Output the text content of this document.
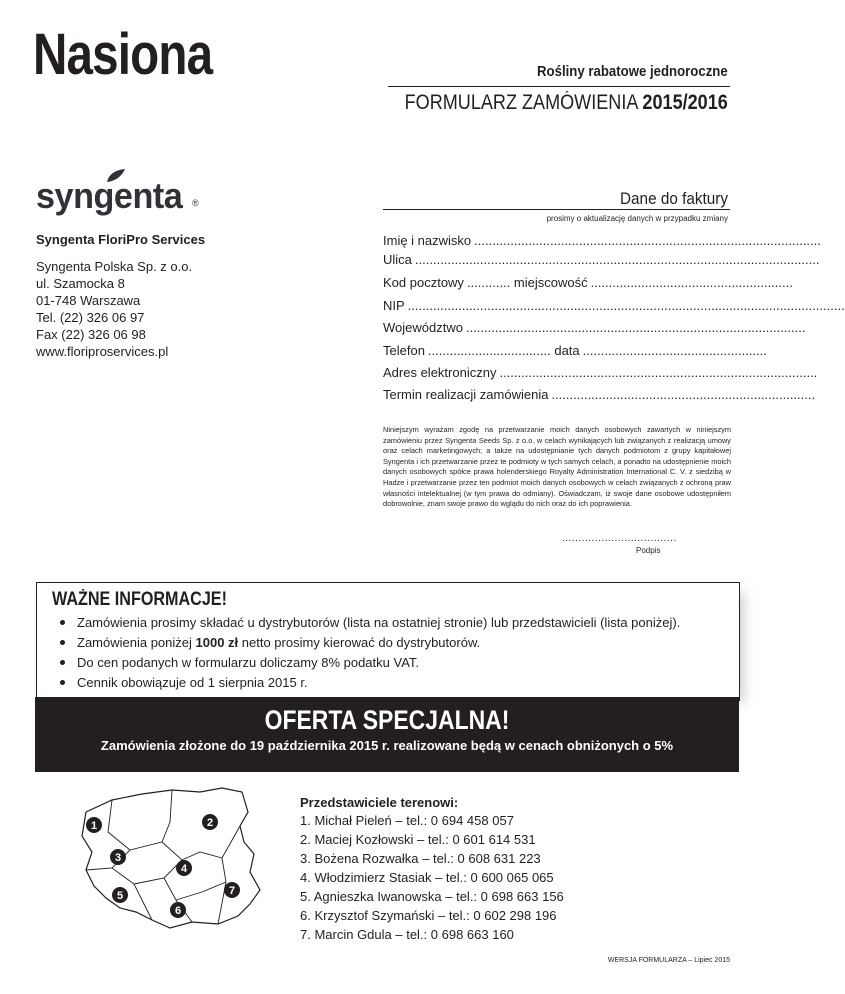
Nasiona	Rośliny rabatowe jednoroczne
FORMULARZ ZAMÓWIENIA 2015/2016
syngenta ®
Syngenta FloriPro Services
Syngenta Polska Sp. z o.o.
ul. Szamocka 8
01-748 Warszawa
Tel. (22) 326 06 97
Fax (22) 326 06 98
www.floriproservices.pl
Dane do faktury
prosimy o aktualizację danych w przypadku zmiany
Imię i nazwisko ................................................................................................
Ulica ................................................................................................................
Kod pocztowy ............ miejscowość ........................................................
NIP .........................................................................................................................
Województwo ..............................................................................................
Telefon .................................. data ...................................................
Adres elektroniczny ........................................................................................
Termin realizacji zamówienia .........................................................................
Niniejszym wyrażam zgodę na przetwarzanie moich danych osobowych zawartych w niniejszym zamówieniu przez Syngenta Seeds Sp. z o.o. w celach wynikających lub związanych z realizacją umowy oraz celach marketingowych; a także na udostępnianie tych danych podmiotom z grupy kapitałowej Syngenta i ich przetwarzanie przez te podmioty w tych samych celach, a ponadto na udostępnienie moich danych osobowych spółce prawa holenderskiego Royalty Administration International C. V. z siedzibą w Hadze i przetwarzanie przez ten podmiot moich danych osobowych w celach związanych z ochroną praw własności intelektualnej (w tym prawa do odmiany). Oświadczam, iż swoje dane osobowe udostępniłem dobrowolnie, znam swoje prawo do wglądu do nich oraz do ich poprawienia.
...................................
Podpis
WAŻNE INFORMACJE!
Zamówienia prosimy składać u dystrybutorów (lista na ostatniej stronie) lub przedstawicieli (lista poniżej).
Zamówienia poniżej 1000 zł netto prosimy kierować do dystrybutorów.
Do cen podanych w formularzu doliczamy 8% podatku VAT.
Cennik obowiązuje od 1 sierpnia 2015 r.
OFERTA SPECJALNA!
Zamówienia złożone do 19 października 2015 r. realizowane będą w cenach obniżonych o 5%
1	2
3
4
5
6
7
Przedstawiciele terenowi:
1. Michał Pieleń – tel.: 0 694 458 057
2. Maciej Kozłowski – tel.: 0 601 614 531
3. Bożena Rozwałka – tel.: 0 608 631 223
4. Włodzimierz Stasiak – tel.: 0 600 065 065
5. Agnieszka Iwanowska – tel.: 0 698 663 156
6. Krzysztof Szymański – tel.: 0 602 298 196
7. Marcin Gdula – tel.: 0 698 663 160
WERSJA FORMULARZA – Lipiec 2015
